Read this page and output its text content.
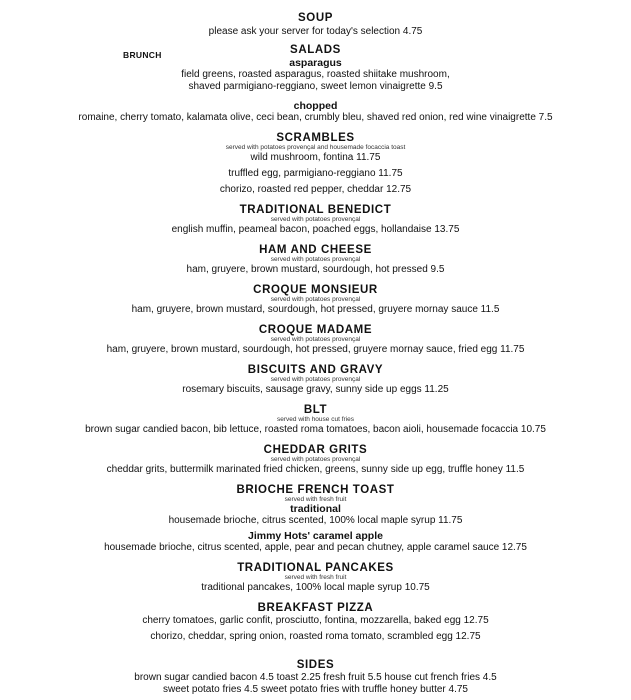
BRUNCH
SOUP
please ask your server for today's selection 4.75
SALADS
asparagus
field greens, roasted asparagus, roasted shiitake mushroom,
shaved parmigiano-reggiano, sweet lemon vinaigrette 9.5
chopped
romaine, cherry tomato, kalamata olive, ceci bean, crumbly bleu, shaved red onion, red wine vinaigrette 7.5
SCRAMBLES
served with potatoes provençal and housemade focaccia toast
wild mushroom, fontina 11.75
truffled egg, parmigiano-reggiano 11.75
chorizo, roasted red pepper, cheddar 12.75
TRADITIONAL BENEDICT
served with potatoes provençal
english muffin, peameal bacon, poached eggs, hollandaise 13.75
HAM AND CHEESE
served with potatoes provençal
ham, gruyere, brown mustard, sourdough, hot pressed 9.5
CROQUE MONSIEUR
served with potatoes provençal
ham, gruyere, brown mustard, sourdough, hot pressed, gruyere mornay sauce 11.5
CROQUE MADAME
served with potatoes provençal
ham, gruyere, brown mustard, sourdough, hot pressed, gruyere mornay sauce, fried egg 11.75
BISCUITS AND GRAVY
served with potatoes provençal
rosemary biscuits, sausage gravy, sunny side up eggs 11.25
BLT
served with house cut fries
brown sugar candied bacon, bib lettuce, roasted roma tomatoes, bacon aioli, housemade focaccia 10.75
CHEDDAR GRITS
served with potatoes provençal
cheddar grits, buttermilk marinated fried chicken, greens, sunny side up egg, truffle honey 11.5
BRIOCHE FRENCH TOAST
served with fresh fruit
traditional
housemade brioche, citrus scented, 100% local maple syrup 11.75
Jimmy Hots' caramel apple
housemade brioche, citrus scented, apple, pear and pecan chutney, apple caramel sauce 12.75
TRADITIONAL PANCAKES
served with fresh fruit
traditional pancakes, 100% local maple syrup 10.75
BREAKFAST PIZZA
cherry tomatoes, garlic confit, prosciutto, fontina, mozzarella, baked egg 12.75
chorizo, cheddar, spring onion, roasted roma tomato, scrambled egg 12.75
SIDES
brown sugar candied bacon 4.5 toast 2.25 fresh fruit 5.5 house cut french fries 4.5
sweet potato fries 4.5 sweet potato fries with truffle honey butter 4.75
